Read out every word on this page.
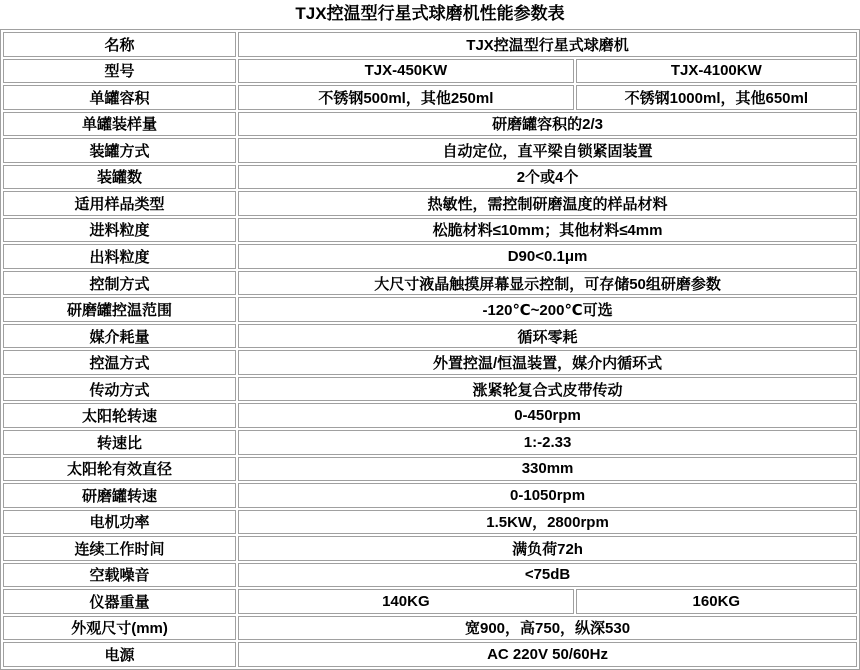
TJX控温型行星式球磨机性能参数表
名称	TJX控温型行星式球磨机	
型号	TJX-450KW	TJX-4100KW
单罐容积	不锈钢500ml，其他250ml	不锈钢1000ml，其他650ml
单罐装样量	研磨罐容积的2/3	
装罐方式	自动定位，直平梁自锁紧固装置	
装罐数	2个或4个	
适用样品类型	热敏性，需控制研磨温度的样品材料	
进料粒度	松脆材料≤10mm；其他材料≤4mm	
出料粒度	D90<0.1μm	
控制方式	大尺寸液晶触摸屏幕显示控制，可存储50组研磨参数	
研磨罐控温范围	-120℃~200℃可选	
媒介耗量	循环零耗	
控温方式	外置控温/恒温装置，媒介内循环式	
传动方式	涨紧轮复合式皮带传动	
太阳轮转速	0-450rpm	
转速比	1:-2.33	
太阳轮有效直径	330mm	
研磨罐转速	0-1050rpm	
电机功率	1.5KW，2800rpm	
连续工作时间	满负荷72h	
空载噪音	<75dB	
仪器重量	140KG	160KG
外观尺寸(mm)	宽900，高750，纵深530	
电源	AC 220V 50/60Hz	
